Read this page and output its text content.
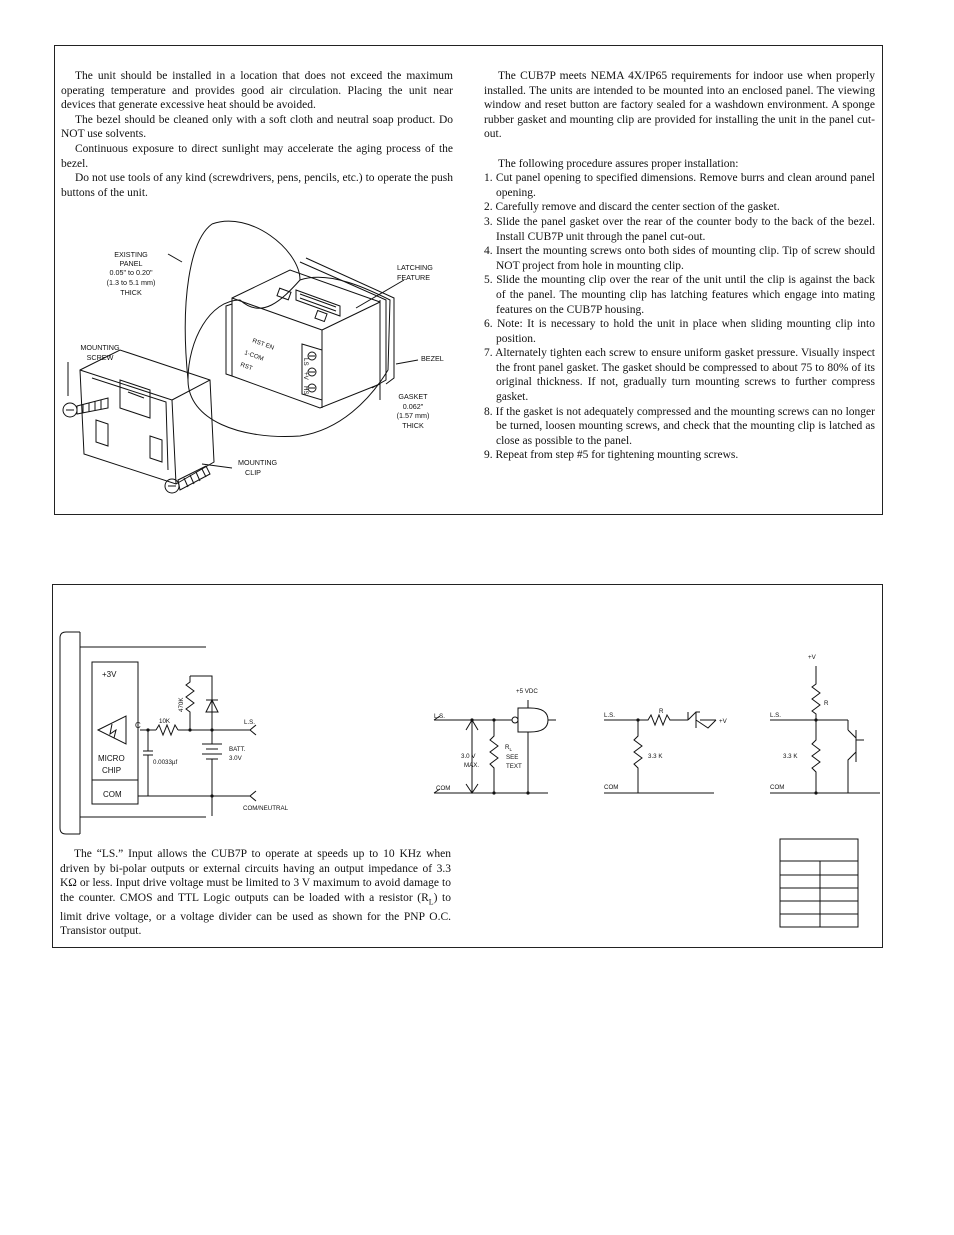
The unit should be installed in a location that does not exceed the maximum operating temperature and provides good air circulation. Placing the unit near devices that generate excessive heat should be avoided.

The bezel should be cleaned only with a soft cloth and neutral soap product. Do NOT use solvents.

Continuous exposure to direct sunlight may accelerate the aging process of the bezel.

Do not use tools of any kind (screwdrivers, pens, pencils, etc.) to operate the push buttons of the unit.

The CUB7P meets NEMA 4X/IP65 requirements for indoor use when properly installed. The units are intended to be mounted into an enclosed panel. The viewing window and reset button are factory sealed for a washdown environment. A sponge rubber gasket and mounting clip are provided for installing the unit in the panel cut-out.

The following procedure assures proper installation:

1. Cut panel opening to specified dimensions. Remove burrs and clean around panel opening.
2. Carefully remove and discard the center section of the gasket.
3. Slide the panel gasket over the rear of the counter body to the back of the bezel. Install CUB7P unit through the panel cut-out.
4. Insert the mounting screws onto both sides of mounting clip. Tip of screw should NOT project from hole in mounting clip.
5. Slide the mounting clip over the rear of the unit until the clip is against the back of the panel. The mounting clip has latching features which engage into mating features on the CUB7P housing.
6. Note: It is necessary to hold the unit in place when sliding mounting clip into position.
7. Alternately tighten each screw to ensure uniform gasket pressure. Visually inspect the front panel gasket. The gasket should be compressed to about 75 to 80% of its original thickness. If not, gradually turn mounting screws to further compress gasket.
8. If the gasket is not adequately compressed and the mounting screws can no longer be turned, loosen mounting screws, and check that the mounting clip is latched as close as possible to the panel.
9. Repeat from step #5 for tightening mounting screws.
RST EN
1-COM
RST	LS
+V
HS
EXISTING
PANEL
0.05" to 0.20"
(1.3 to 5.1 mm)
THICK
LATCHING
FEATURE
MOUNTING
SCREW	BEZEL
GASKET
0.062"
(1.57 mm)
THICK
MOUNTING
CLIP
+3V
MICRO
CHIP
COM
C	10K
470K
0.0033µf
L.S.
BATT.
3.0V
COM/NEUTRAL
+5 VDC
L.S.
3.0 V
MAX.
$R_L$
SEE
TEXT
COM
L.S.
R
+V
3.3 K
COM
+V
L.S.
R
3.3 K
COM

The “LS.” Input allows the CUB7P to operate at speeds up to 10 KHz when driven by bi-polar outputs or external circuits having an output impedance of 3.3 KΩ or less. Input drive voltage must be limited to 3 V maximum to avoid damage to the counter. CMOS and TTL Logic outputs can be loaded with a resistor $(R_L)$ to limit drive voltage, or a voltage divider can be used as shown for the PNP O.C. Transistor output.
